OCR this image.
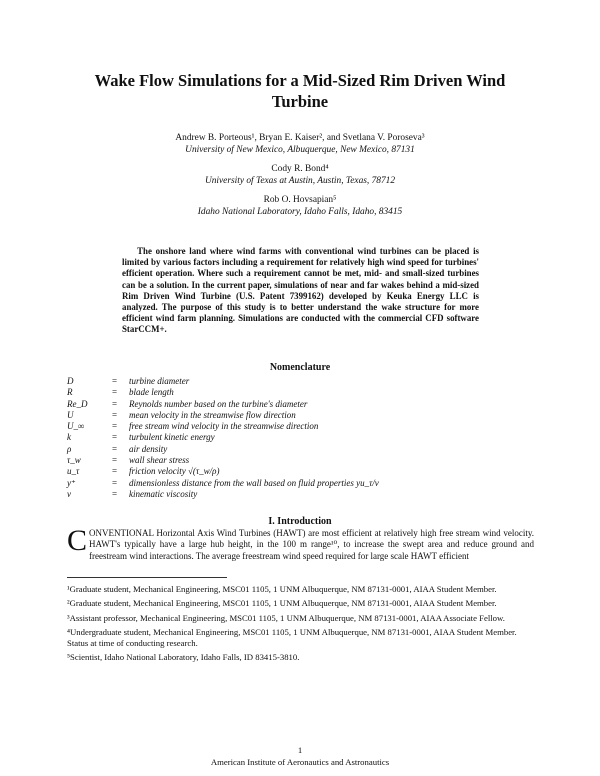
Wake Flow Simulations for a Mid-Sized Rim Driven Wind Turbine
Andrew B. Porteous¹, Bryan E. Kaiser², and Svetlana V. Poroseva³
University of New Mexico, Albuquerque, New Mexico, 87131
Cody R. Bond⁴
University of Texas at Austin, Austin, Texas, 78712
Rob O. Hovsapian⁵
Idaho National Laboratory, Idaho Falls, Idaho, 83415

The onshore land where wind farms with conventional wind turbines can be placed is limited by various factors including a requirement for relatively high wind speed for turbines' efficient operation. Where such a requirement cannot be met, mid- and small-sized turbines can be a solution. In the current paper, simulations of near and far wakes behind a mid-sized Rim Driven Wind Turbine (U.S. Patent 7399162) developed by Keuka Energy LLC is analyzed. The purpose of this study is to better understand the wake structure for more efficient wind farm planning. Simulations are conducted with the commercial CFD software StarCCM+.

Nomenclature
D	=	turbine diameter
R	=	blade length
Re_D	=	Reynolds number based on the turbine's diameter
U	=	mean velocity in the streamwise flow direction
U_∞	=	free stream wind velocity in the streamwise direction
k	=	turbulent kinetic energy
ρ	=	air density
τ_w	=	wall shear stress
u_τ	=	friction velocity √(τ_w/ρ)
y⁺	=	dimensionless distance from the wall based on fluid properties yu_τ/ν
ν	=	kinematic viscosity
I. Introduction

CONVENTIONAL Horizontal Axis Wind Turbines (HAWT) are most efficient at relatively high free stream wind velocity. HAWT's typically have a large hub height, in the 100 m range¹⁰, to increase the swept area and reduce ground and freestream wind interactions. The average freestream wind speed required for large scale HAWT efficient

¹Graduate student, Mechanical Engineering, MSC01 1105, 1 UNM Albuquerque, NM 87131-0001, AIAA Student Member.
²Graduate student, Mechanical Engineering, MSC01 1105, 1 UNM Albuquerque, NM 87131-0001, AIAA Student Member.
³Assistant professor, Mechanical Engineering, MSC01 1105, 1 UNM Albuquerque, NM 87131-0001, AIAA Associate Fellow.
⁴Undergraduate student, Mechanical Engineering, MSC01 1105, 1 UNM Albuquerque, NM 87131-0001, AIAA Student Member. Status at time of conducting research.
⁵Scientist, Idaho National Laboratory, Idaho Falls, ID 83415-3810.
1
American Institute of Aeronautics and Astronautics
